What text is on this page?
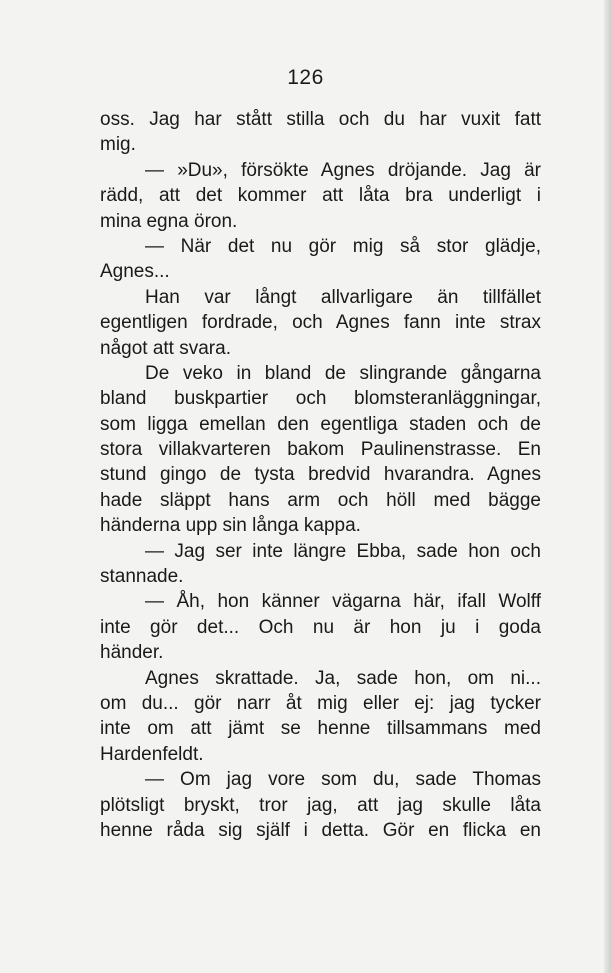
126
oss. Jag har stått stilla och du har vuxit fatt
mig.
— »Du», försökte Agnes dröjande. Jag är
rädd, att det kommer att låta bra underligt i
mina egna öron.
— När det nu gör mig så stor glädje,
Agnes...
Han var långt allvarligare än tillfället
egentligen fordrade, och Agnes fann inte strax
något att svara.
De veko in bland de slingrande gångarna
bland buskpartier och blomsteranläggningar,
som ligga emellan den egentliga staden och de
stora villakvarteren bakom Paulinenstrasse. En
stund gingo de tysta bredvid hvarandra. Agnes
hade släppt hans arm och höll med bägge
händerna upp sin långa kappa.
— Jag ser inte längre Ebba, sade hon och
stannade.
— Åh, hon känner vägarna här, ifall Wolff
inte gör det... Och nu är hon ju i goda
händer.
Agnes skrattade. Ja, sade hon, om ni...
om du... gör narr åt mig eller ej: jag tycker
inte om att jämt se henne tillsammans med
Hardenfeldt.
— Om jag vore som du, sade Thomas
plötsligt bryskt, tror jag, att jag skulle låta
henne råda sig själf i detta. Gör en flicka en
